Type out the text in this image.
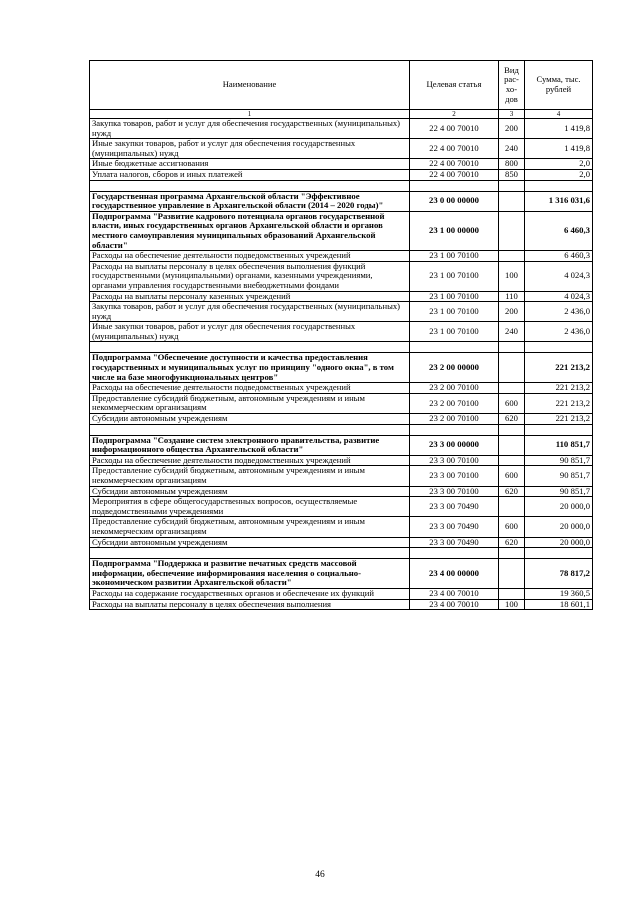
Наименование	Целевая статья	Вид рас-хо-дов	Сумма, тыс. рублей
1	2	3	4
Закупка товаров, работ и услуг для обеспечения государственных (муниципальных) нужд	22 4 00 70010	200	1 419,8
Иные закупки товаров, работ и услуг для обеспечения государственных (муниципальных) нужд	22 4 00 70010	240	1 419,8
Иные бюджетные ассигнования	22 4 00 70010	800	2,0
Уплата налогов, сборов и иных платежей	22 4 00 70010	850	2,0

Государственная программа Архангельской области "Эффективное государственное управление в Архангельской области (2014 – 2020 годы)"	23 0 00 00000		1 316 031,6
Подпрограмма "Развитие кадрового потенциала органов государственной власти, иных государственных органов Архангельской области и органов местного самоуправления муниципальных образований Архангельской области"	23 1 00 00000		6 460,3
Расходы на обеспечение деятельности подведомственных учреждений	23 1 00 70100		6 460,3
Расходы на выплаты персоналу в целях обеспечения выполнения функций государственными (муниципальными) органами, казенными учреждениями, органами управления государственными внебюджетными фондами	23 1 00 70100	100	4 024,3
Расходы на выплаты персоналу казенных учреждений	23 1 00 70100	110	4 024,3
Закупка товаров, работ и услуг для обеспечения государственных (муниципальных) нужд	23 1 00 70100	200	2 436,0
Иные закупки товаров, работ и услуг для обеспечения государственных (муниципальных) нужд	23 1 00 70100	240	2 436,0

Подпрограмма "Обеспечение доступности и качества предоставления государственных и муниципальных услуг по принципу "одного окна", в том числе на базе многофункциональных центров"	23 2 00 00000		221 213,2
Расходы на обеспечение деятельности подведомственных учреждений	23 2 00 70100		221 213,2
Предоставление субсидий бюджетным, автономным учреждениям и иным некоммерческим организациям	23 2 00 70100	600	221 213,2
Субсидии автономным учреждениям	23 2 00 70100	620	221 213,2

Подпрограмма "Создание систем электронного правительства, развитие информационного общества Архангельской области"	23 3 00 00000		110 851,7
Расходы на обеспечение деятельности подведомственных учреждений	23 3 00 70100		90 851,7
Предоставление субсидий бюджетным, автономным учреждениям и иным некоммерческим организациям	23 3 00 70100	600	90 851,7
Субсидии автономным учреждениям	23 3 00 70100	620	90 851,7
Мероприятия в сфере общегосударственных вопросов, осуществляемые подведомственными учреждениями	23 3 00 70490		20 000,0
Предоставление субсидий бюджетным, автономным учреждениям и иным некоммерческим организациям	23 3 00 70490	600	20 000,0
Субсидии автономным учреждениям	23 3 00 70490	620	20 000,0

Подпрограмма "Поддержка и развитие печатных средств массовой информации, обеспечение информирования населения о социально-экономическом развитии Архангельской области"	23 4 00 00000		78 817,2
Расходы на содержание государственных органов и обеспечение их функций	23 4 00 70010		19 360,5
Расходы на выплаты персоналу в целях обеспечения выполнения	23 4 00 70010	100	18 601,1
46
